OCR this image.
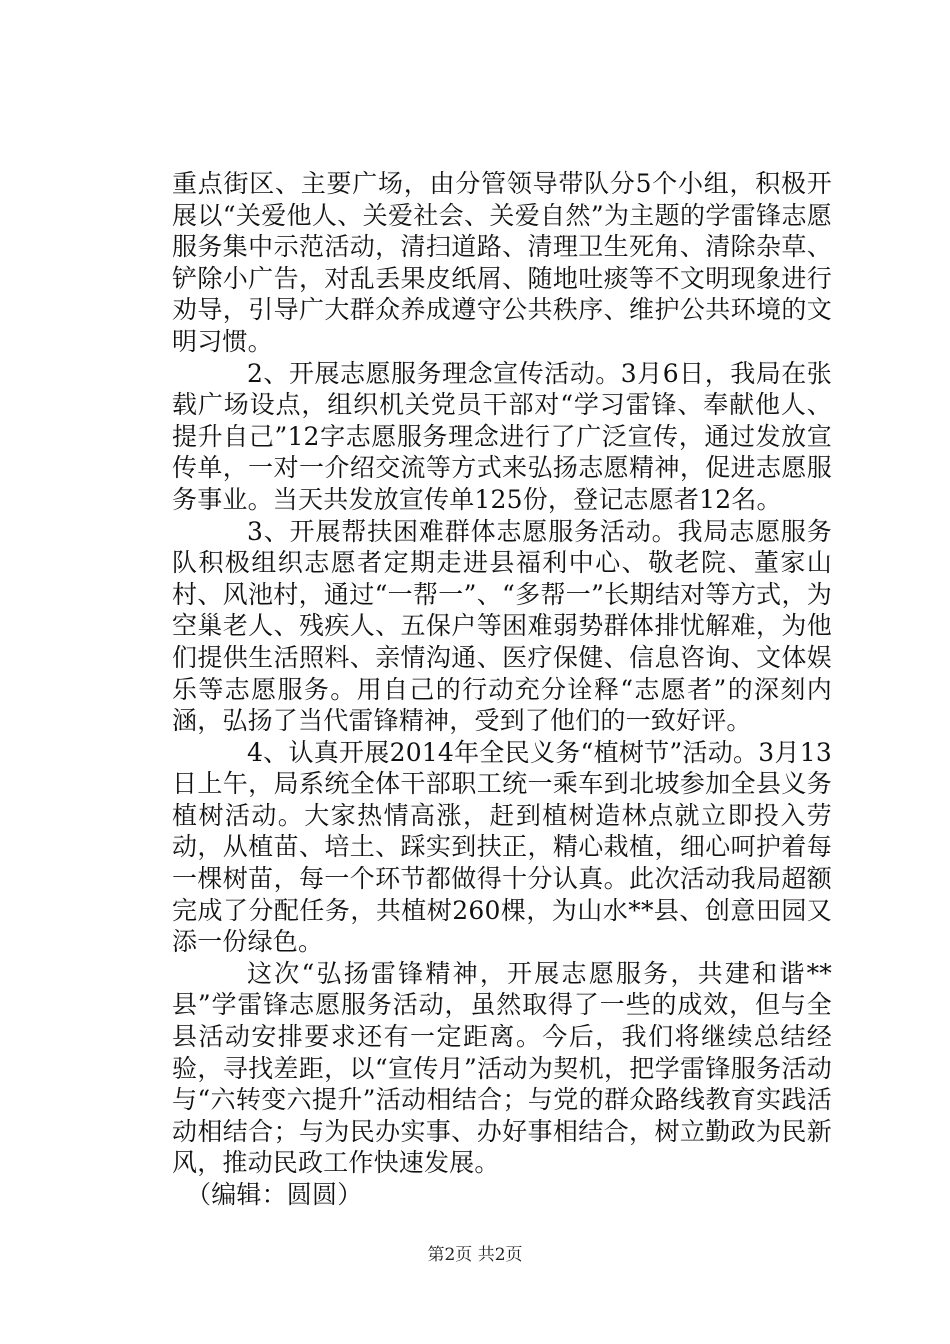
重点街区、主要广场，由分管领导带队分5个小组，积极开展以“关爱他人、关爱社会、关爱自然”为主题的学雷锋志愿服务集中示范活动，清扫道路、清理卫生死角、清除杂草、铲除小广告，对乱丢果皮纸屑、随地吐痰等不文明现象进行劝导，引导广大群众养成遵守公共秩序、维护公共环境的文明习惯。

2、开展志愿服务理念宣传活动。3月6日，我局在张载广场设点，组织机关党员干部对“学习雷锋、奉献他人、提升自己”12字志愿服务理念进行了广泛宣传，通过发放宣传单，一对一介绍交流等方式来弘扬志愿精神，促进志愿服务事业。当天共发放宣传单125份，登记志愿者12名。

3、开展帮扶困难群体志愿服务活动。我局志愿服务队积极组织志愿者定期走进县福利中心、敬老院、董家山村、风池村，通过“一帮一”、“多帮一”长期结对等方式，为空巢老人、残疾人、五保户等困难弱势群体排忧解难，为他们提供生活照料、亲情沟通、医疗保健、信息咨询、文体娱乐等志愿服务。用自己的行动充分诠释“志愿者”的深刻内涵，弘扬了当代雷锋精神，受到了他们的一致好评。

4、认真开展2014年全民义务“植树节”活动。3月13日上午，局系统全体干部职工统一乘车到北坡参加全县义务植树活动。大家热情高涨，赶到植树造林点就立即投入劳动，从植苗、培土、踩实到扶正，精心栽植，细心呵护着每一棵树苗，每一个环节都做得十分认真。此次活动我局超额完成了分配任务，共植树260棵，为山水**县、创意田园又添一份绿色。

这次“弘扬雷锋精神，开展志愿服务，共建和谐**县”学雷锋志愿服务活动，虽然取得了一些的成效，但与全县活动安排要求还有一定距离。今后，我们将继续总结经验，寻找差距，以“宣传月”活动为契机，把学雷锋服务活动与“六转变六提升”活动相结合；与党的群众路线教育实践活动相结合；与为民办实事、办好事相结合，树立勤政为民新风，推动民政工作快速发展。

（编辑：圆圆）

第2页 共2页
